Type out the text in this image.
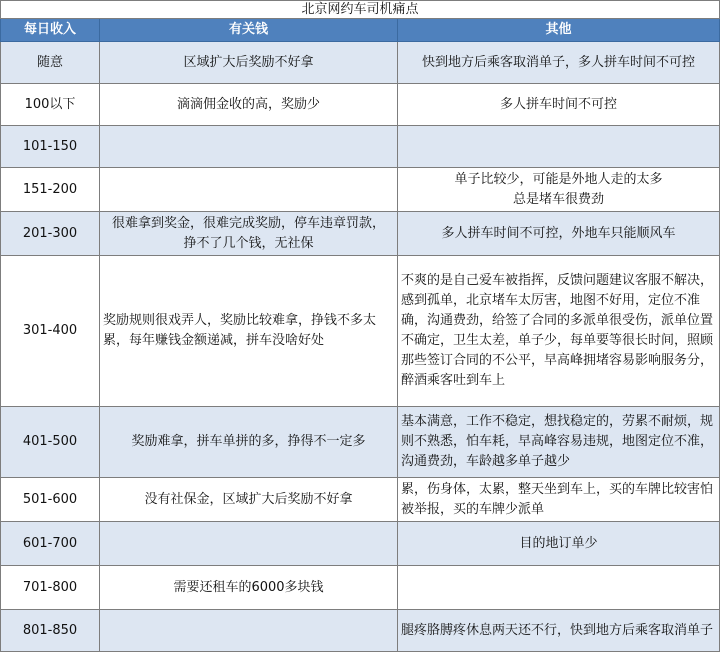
北京网约车司机痛点		
每日收入	有关钱	其他
随意	区域扩大后奖励不好拿	快到地方后乘客取消单子，多人拼车时间不可控
100以下	滴滴佣金收的高，奖励少	多人拼车时间不可控
101-150		
151-200		单子比较少，可能是外地人走的太多
总是堵车很费劲
201-300	很难拿到奖金，很难完成奖励，停车违章罚款，挣不了几个钱，无社保	多人拼车时间不可控，外地车只能顺风车
301-400	奖励规则很戏弄人，奖励比较难拿，挣钱不多太累，每年赚钱金额递减，拼车没啥好处	不爽的是自己爱车被指挥，反馈问题建议客服不解决，感到孤单，北京堵车太厉害，地图不好用，定位不准确，沟通费劲，给签了合同的多派单很受伤，派单位置不确定，卫生太差，单子少，每单要等很长时间，照顾那些签订合同的不公平，早高峰拥堵容易影响服务分，醉酒乘客吐到车上
401-500	奖励难拿，拼车单拼的多，挣得不一定多	基本满意，工作不稳定，想找稳定的，劳累不耐烦，规则不熟悉，怕车耗，早高峰容易违规，地图定位不准，沟通费劲，车龄越多单子越少
501-600	没有社保金，区域扩大后奖励不好拿	累，伤身体，太累，整天坐到车上，买的车牌比较害怕被举报，买的车牌少派单
601-700		目的地订单少
701-800	需要还租车的6000多块钱	
801-850		腿疼胳膊疼休息两天还不行，快到地方后乘客取消单子
